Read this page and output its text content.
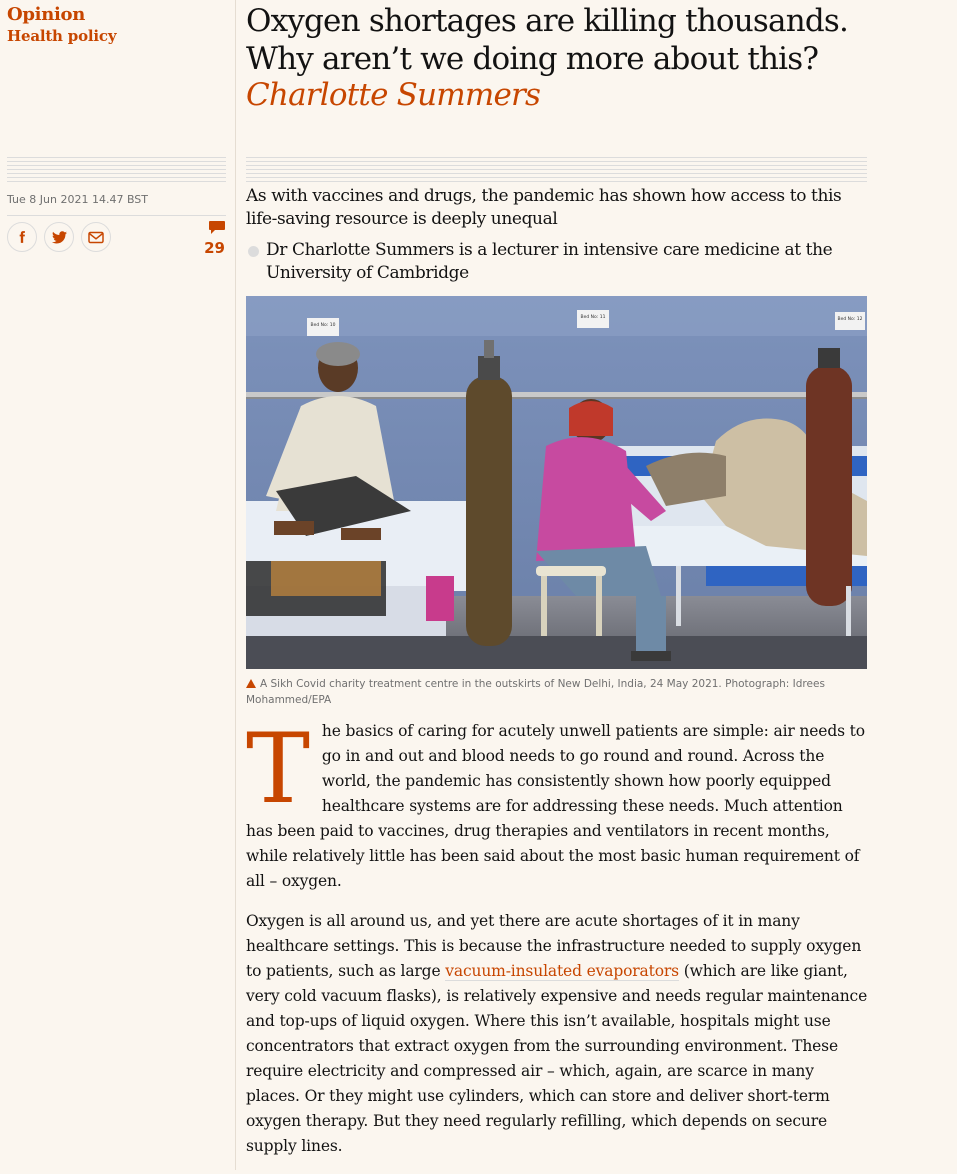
Opinion
Health policy
Tue 8 Jun 2021 14.47 BST
29
Oxygen shortages are killing thousands. Why aren’t we doing more about this?
Charlotte Summers
As with vaccines and drugs, the pandemic has shown how access to this life-saving resource is deeply unequal
Dr Charlotte Summers is a lecturer in intensive care medicine at the University of Cambridge
Bed No: 10
Bed No: 11	Bed No: 12
A Sikh Covid charity treatment centre in the outskirts of New Delhi, India, 24 May 2021. Photograph: Idrees Mohammed/EPA

The basics of caring for acutely unwell patients are simple: air needs to go in and out and blood needs to go round and round. Across the world, the pandemic has consistently shown how poorly equipped healthcare systems are for addressing these needs. Much attention has been paid to vaccines, drug therapies and ventilators in recent months, while relatively little has been said about the most basic human requirement of all – oxygen.

Oxygen is all around us, and yet there are acute shortages of it in many healthcare settings. This is because the infrastructure needed to supply oxygen to patients, such as large vacuum-insulated evaporators (which are like giant, very cold vacuum flasks), is relatively expensive and needs regular maintenance and top-ups of liquid oxygen. Where this isn’t available, hospitals might use concentrators that extract oxygen from the surrounding environment. These require electricity and compressed air – which, again, are scarce in many places. Or they might use cylinders, which can store and deliver short-term oxygen therapy. But they need regularly refilling, which depends on secure supply lines.
